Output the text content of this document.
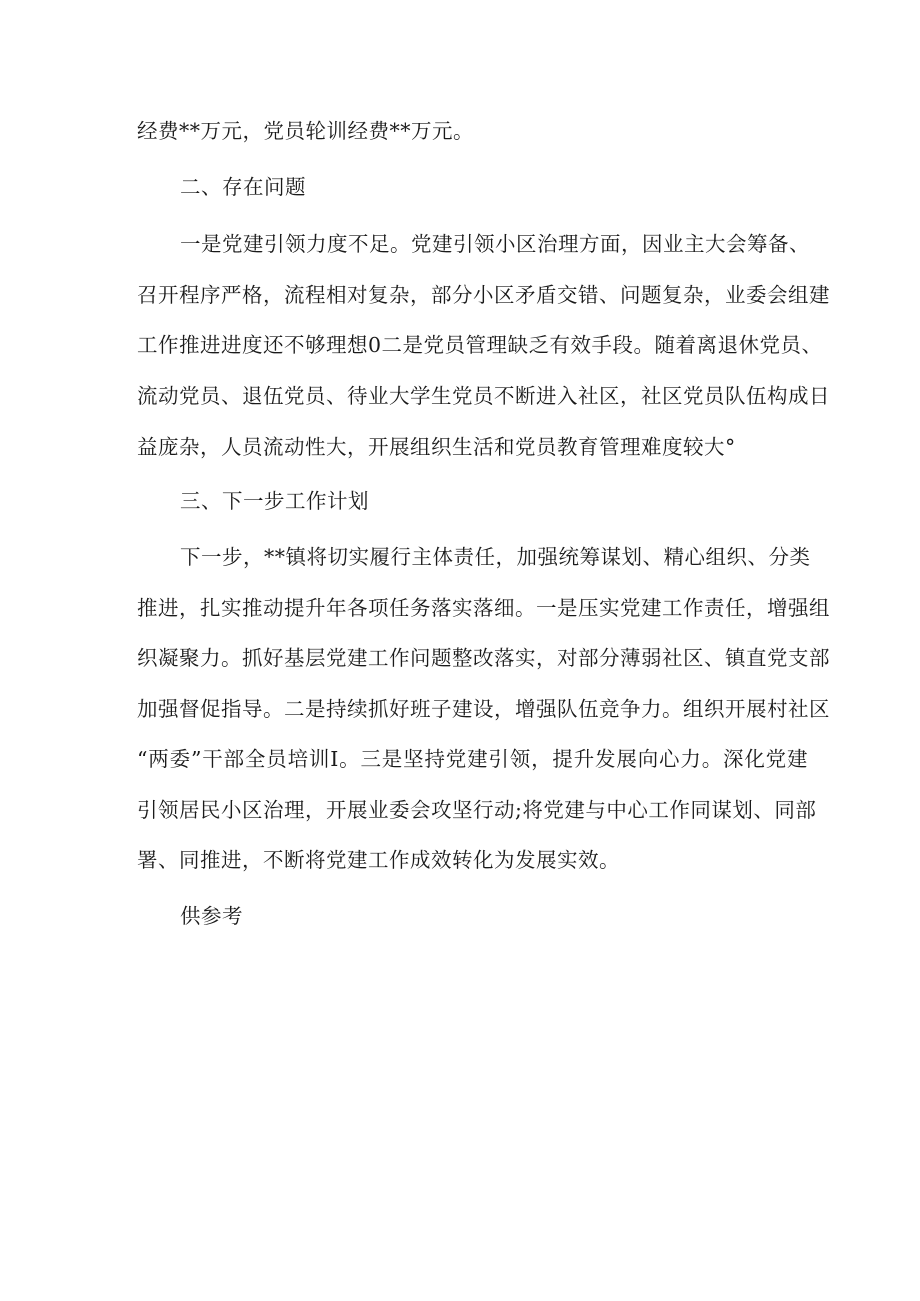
经费**万元，党员轮训经费**万元。
二、存在问题
一是党建引领力度不足。党建引领小区治理方面，因业主大会筹备、
召开程序严格，流程相对复杂，部分小区矛盾交错、问题复杂，业委会组建
工作推进进度还不够理想0二是党员管理缺乏有效手段。随着离退休党员、
流动党员、退伍党员、待业大学生党员不断进入社区，社区党员队伍构成日
益庞杂，人员流动性大，开展组织生活和党员教育管理难度较大°
三、下一步工作计划
下一步，**镇将切实履行主体责任，加强统筹谋划、精心组织、分类
推进，扎实推动提升年各项任务落实落细。一是压实党建工作责任，增强组
织凝聚力。抓好基层党建工作问题整改落实，对部分薄弱社区、镇直党支部
加强督促指导。二是持续抓好班子建设，增强队伍竞争力。组织开展村社区
“两委”干部全员培训I。三是坚持党建引领，提升发展向心力。深化党建
引领居民小区治理，开展业委会攻坚行动;将党建与中心工作同谋划、同部
署、同推进，不断将党建工作成效转化为发展实效。
供参考
